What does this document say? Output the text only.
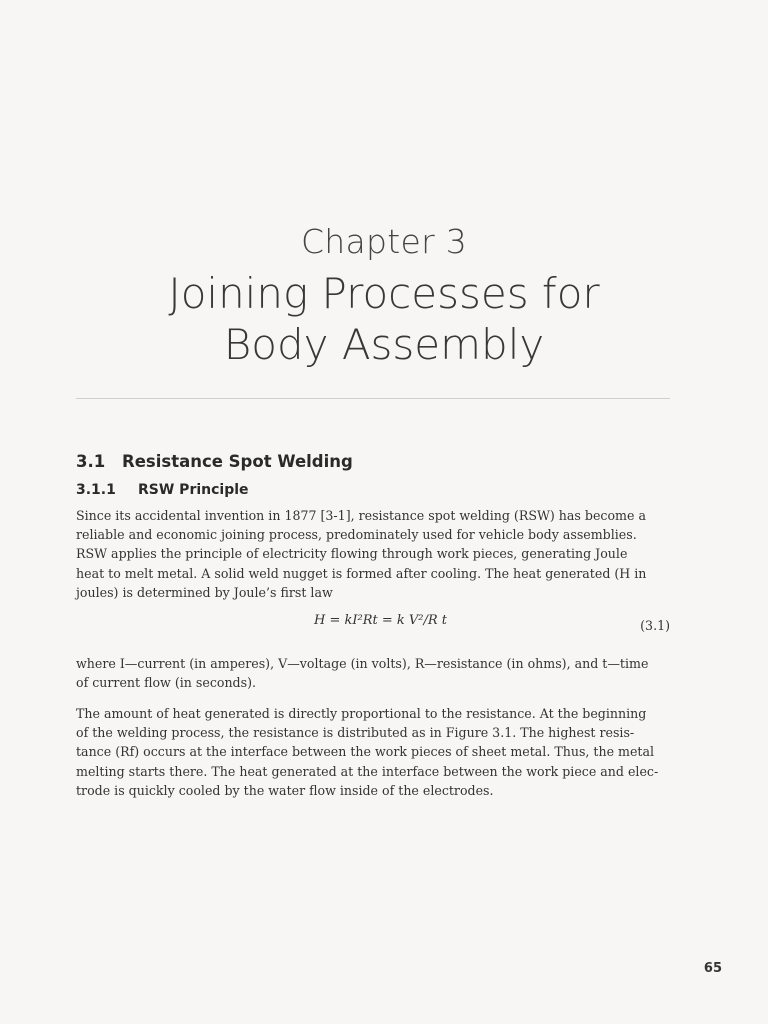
Chapter 3
Joining Processes for
Body Assembly
3.1 Resistance Spot Welding
3.1.1 RSW Principle
Since its accidental invention in 1877 [3-1], resistance spot welding (RSW) has become a
reliable and economic joining process, predominately used for vehicle body assemblies.
RSW applies the principle of electricity flowing through work pieces, generating Joule
heat to melt metal. A solid weld nugget is formed after cooling. The heat generated (H in
joules) is determined by Joule’s first law
H = kI²Rt = k V²/R t	(3.1)
where I—current (in amperes), V—voltage (in volts), R—resistance (in ohms), and t—time
of current flow (in seconds).
The amount of heat generated is directly proportional to the resistance. At the beginning
of the welding process, the resistance is distributed as in Figure 3.1. The highest resis-
tance (Rf) occurs at the interface between the work pieces of sheet metal. Thus, the metal
melting starts there. The heat generated at the interface between the work piece and elec-
trode is quickly cooled by the water flow inside of the electrodes.
65
